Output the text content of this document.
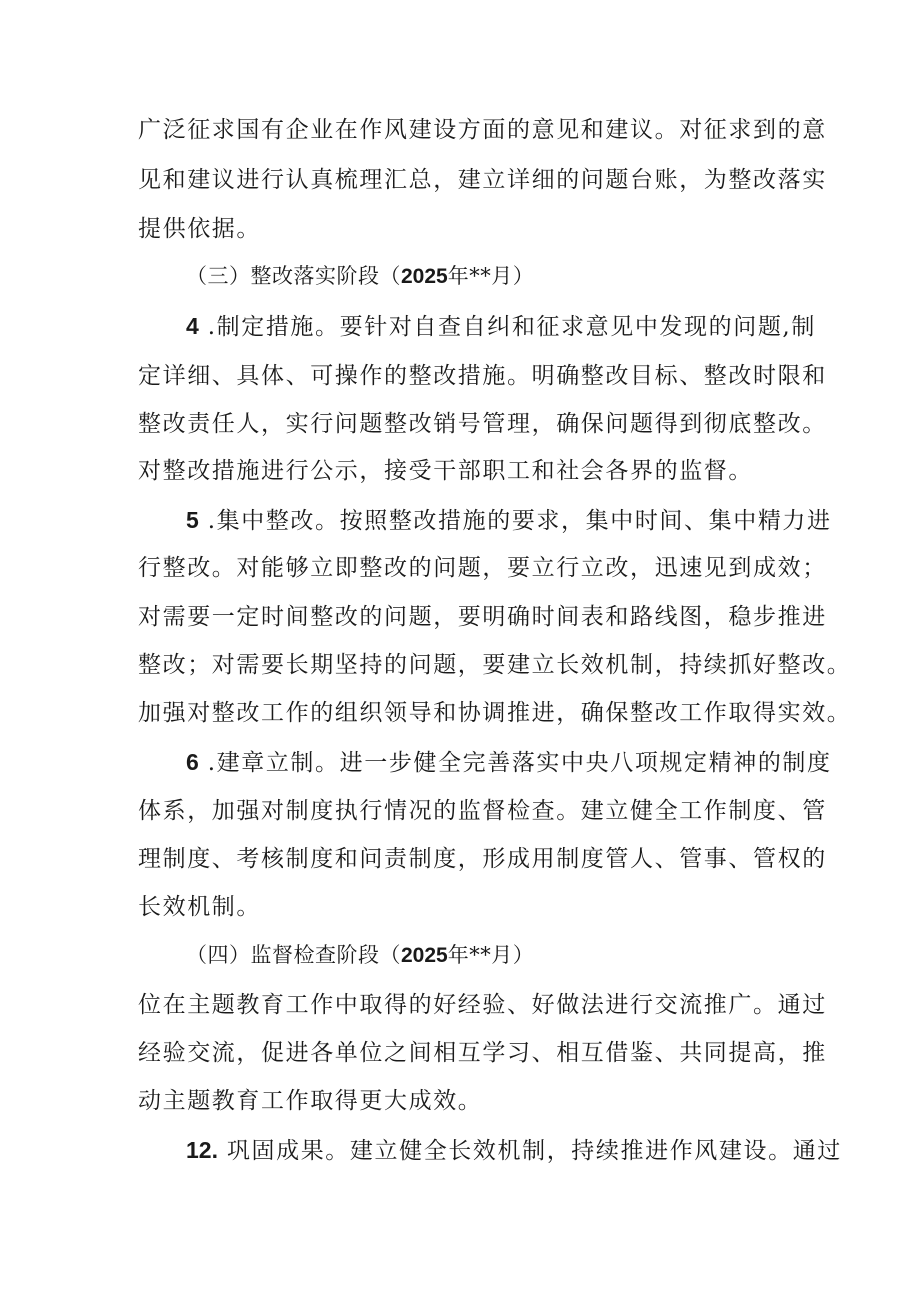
广泛征求国有企业在作风建设方面的意见和建议。对征求到的意
见和建议进行认真梳理汇总，建立详细的问题台账，为整改落实
提供依据。
（三）整改落实阶段（2025年**月）
4 .制定措施。要针对自查自纠和征求意见中发现的问题,制
定详细、具体、可操作的整改措施。明确整改目标、整改时限和
整改责任人，实行问题整改销号管理，确保问题得到彻底整改。
对整改措施进行公示，接受干部职工和社会各界的监督。
5 .集中整改。按照整改措施的要求，集中时间、集中精力进
行整改。对能够立即整改的问题，要立行立改，迅速见到成效；
对需要一定时间整改的问题，要明确时间表和路线图，稳步推进
整改；对需要长期坚持的问题，要建立长效机制，持续抓好整改。
加强对整改工作的组织领导和协调推进，确保整改工作取得实效。
6 .建章立制。进一步健全完善落实中央八项规定精神的制度
体系，加强对制度执行情况的监督检查。建立健全工作制度、管
理制度、考核制度和问责制度，形成用制度管人、管事、管权的
长效机制。
（四）监督检查阶段（2025年**月）
位在主题教育工作中取得的好经验、好做法进行交流推广。通过
经验交流，促进各单位之间相互学习、相互借鉴、共同提高，推
动主题教育工作取得更大成效。
12. 巩固成果。建立健全长效机制，持续推进作风建设。通过
